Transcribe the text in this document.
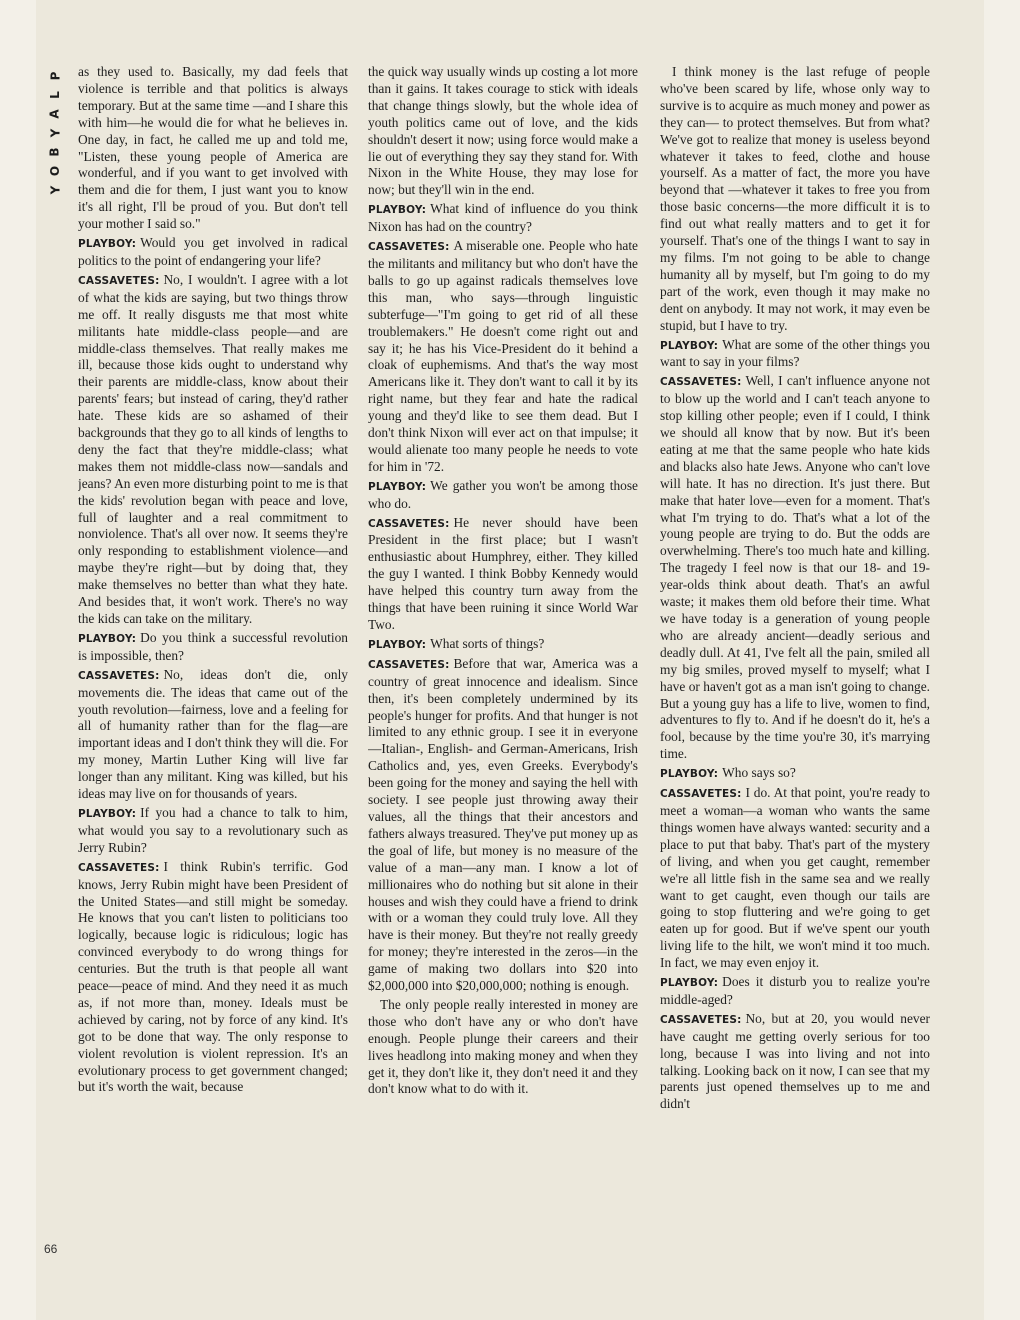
P
L
A
Y
B
O
Y
66

as they used to. Basically, my dad feels that violence is terrible and that politics is always temporary. But at the same time —and I share this with him—he would die for what he believes in. One day, in fact, he called me up and told me, "Listen, these young people of America are wonderful, and if you want to get involved with them and die for them, I just want you to know it's all right, I'll be proud of you. But don't tell your mother I said so."

PLAYBOY: Would you get involved in radical politics to the point of endangering your life?

CASSAVETES: No, I wouldn't. I agree with a lot of what the kids are saying, but two things throw me off. It really disgusts me that most white militants hate middle-class people—and are middle-class themselves. That really makes me ill, because those kids ought to understand why their parents are middle-class, know about their parents' fears; but instead of caring, they'd rather hate. These kids are so ashamed of their backgrounds that they go to all kinds of lengths to deny the fact that they're middle-class; what makes them not middle-class now—sandals and jeans? An even more disturbing point to me is that the kids' revolution began with peace and love, full of laughter and a real commitment to nonviolence. That's all over now. It seems they're only responding to establishment violence—and maybe they're right—but by doing that, they make themselves no better than what they hate. And besides that, it won't work. There's no way the kids can take on the military.

PLAYBOY: Do you think a successful revolution is impossible, then?

CASSAVETES: No, ideas don't die, only movements die. The ideas that came out of the youth revolution—fairness, love and a feeling for all of humanity rather than for the flag—are important ideas and I don't think they will die. For my money, Martin Luther King will live far longer than any militant. King was killed, but his ideas may live on for thousands of years.

PLAYBOY: If you had a chance to talk to him, what would you say to a revolutionary such as Jerry Rubin?

CASSAVETES: I think Rubin's terrific. God knows, Jerry Rubin might have been President of the United States—and still might be someday. He knows that you can't listen to politicians too logically, because logic is ridiculous; logic has convinced everybody to do wrong things for centuries. But the truth is that people all want peace—peace of mind. And they need it as much as, if not more than, money. Ideals must be achieved by caring, not by force of any kind. It's got to be done that way. The only response to violent revolution is violent repression. It's an evolutionary process to get government changed; but it's worth the wait, because

the quick way usually winds up costing a lot more than it gains. It takes courage to stick with ideals that change things slowly, but the whole idea of youth politics came out of love, and the kids shouldn't desert it now; using force would make a lie out of everything they say they stand for. With Nixon in the White House, they may lose for now; but they'll win in the end.

PLAYBOY: What kind of influence do you think Nixon has had on the country?

CASSAVETES: A miserable one. People who hate the militants and militancy but who don't have the balls to go up against radicals themselves love this man, who says—through linguistic subterfuge—"I'm going to get rid of all these troublemakers." He doesn't come right out and say it; he has his Vice-President do it behind a cloak of euphemisms. And that's the way most Americans like it. They don't want to call it by its right name, but they fear and hate the radical young and they'd like to see them dead. But I don't think Nixon will ever act on that impulse; it would alienate too many people he needs to vote for him in '72.

PLAYBOY: We gather you won't be among those who do.

CASSAVETES: He never should have been President in the first place; but I wasn't enthusiastic about Humphrey, either. They killed the guy I wanted. I think Bobby Kennedy would have helped this country turn away from the things that have been ruining it since World War Two.

PLAYBOY: What sorts of things?

CASSAVETES: Before that war, America was a country of great innocence and idealism. Since then, it's been completely undermined by its people's hunger for profits. And that hunger is not limited to any ethnic group. I see it in everyone —Italian-, English- and German-Americans, Irish Catholics and, yes, even Greeks. Everybody's been going for the money and saying the hell with society. I see people just throwing away their values, all the things that their ancestors and fathers always treasured. They've put money up as the goal of life, but money is no measure of the value of a man—any man. I know a lot of millionaires who do nothing but sit alone in their houses and wish they could have a friend to drink with or a woman they could truly love. All they have is their money. But they're not really greedy for money; they're interested in the zeros—in the game of making two dollars into $20 into $2,000,000 into $20,000,000; nothing is enough.

The only people really interested in money are those who don't have any or who don't have enough. People plunge their careers and their lives headlong into making money and when they get it, they don't like it, they don't need it and they don't know what to do with it.

I think money is the last refuge of people who've been scared by life, whose only way to survive is to acquire as much money and power as they can— to protect themselves. But from what? We've got to realize that money is useless beyond whatever it takes to feed, clothe and house yourself. As a matter of fact, the more you have beyond that —whatever it takes to free you from those basic concerns—the more difficult it is to find out what really matters and to get it for yourself. That's one of the things I want to say in my films. I'm not going to be able to change humanity all by myself, but I'm going to do my part of the work, even though it may make no dent on anybody. It may not work, it may even be stupid, but I have to try.

PLAYBOY: What are some of the other things you want to say in your films?

CASSAVETES: Well, I can't influence anyone not to blow up the world and I can't teach anyone to stop killing other people; even if I could, I think we should all know that by now. But it's been eating at me that the same people who hate kids and blacks also hate Jews. Anyone who can't love will hate. It has no direction. It's just there. But make that hater love—even for a moment. That's what I'm trying to do. That's what a lot of the young people are trying to do. But the odds are overwhelming. There's too much hate and killing. The tragedy I feel now is that our 18- and 19-year-olds think about death. That's an awful waste; it makes them old before their time. What we have today is a generation of young people who are already ancient—deadly serious and deadly dull. At 41, I've felt all the pain, smiled all my big smiles, proved myself to myself; what I have or haven't got as a man isn't going to change. But a young guy has a life to live, women to find, adventures to fly to. And if he doesn't do it, he's a fool, because by the time you're 30, it's marrying time.

PLAYBOY: Who says so?

CASSAVETES: I do. At that point, you're ready to meet a woman—a woman who wants the same things women have always wanted: security and a place to put that baby. That's part of the mystery of living, and when you get caught, remember we're all little fish in the same sea and we really want to get caught, even though our tails are going to stop fluttering and we're going to get eaten up for good. But if we've spent our youth living life to the hilt, we won't mind it too much. In fact, we may even enjoy it.

PLAYBOY: Does it disturb you to realize you're middle-aged?

CASSAVETES: No, but at 20, you would never have caught me getting overly serious for too long, because I was into living and not into talking. Looking back on it now, I can see that my parents just opened themselves up to me and didn't
